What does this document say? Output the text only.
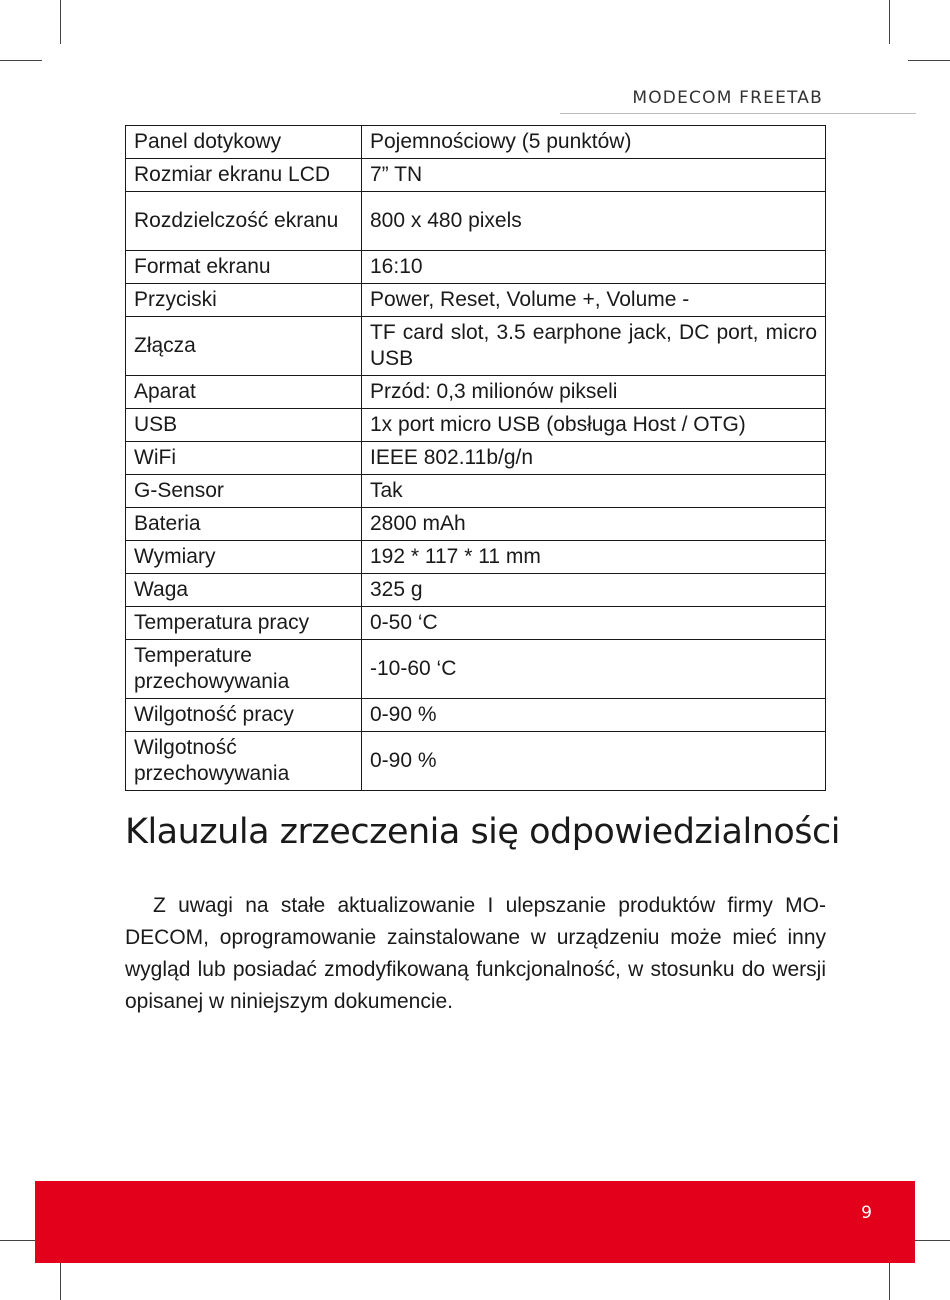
MODECOM FREETAB
Panel dotykowy	Pojemnościowy (5 punktów)
Rozmiar ekranu LCD	7” TN
Rozdzielczość ekranu	800 x 480 pixels
Format ekranu	16:10
Przyciski	Power, Reset, Volume +, Volume -
Złącza	TF card slot, 3.5 earphone jack, DC port, micro USB
Aparat	Przód: 0,3 milionów pikseli
USB	1x port micro USB (obsługa Host / OTG)
WiFi	IEEE 802.11b/g/n
G-Sensor	Tak
Bateria	2800 mAh
Wymiary	192 * 117 * 11 mm
Waga	325 g
Temperatura pracy	0-50 ‘C
Temperature przechowywania	-10-60 ‘C
Wilgotność pracy	0-90 %
Wilgotność przechowywania	0-90 %
Klauzula zrzeczenia się odpowiedzialności

Z uwagi na stałe aktualizowanie I ulepszanie produktów firmy MO-DECOM, oprogramowanie zainstalowane w urządzeniu może mieć inny wygląd lub posiadać zmodyfikowaną funkcjonalność, w stosunku do wersji opisanej w niniejszym dokumencie.

9
